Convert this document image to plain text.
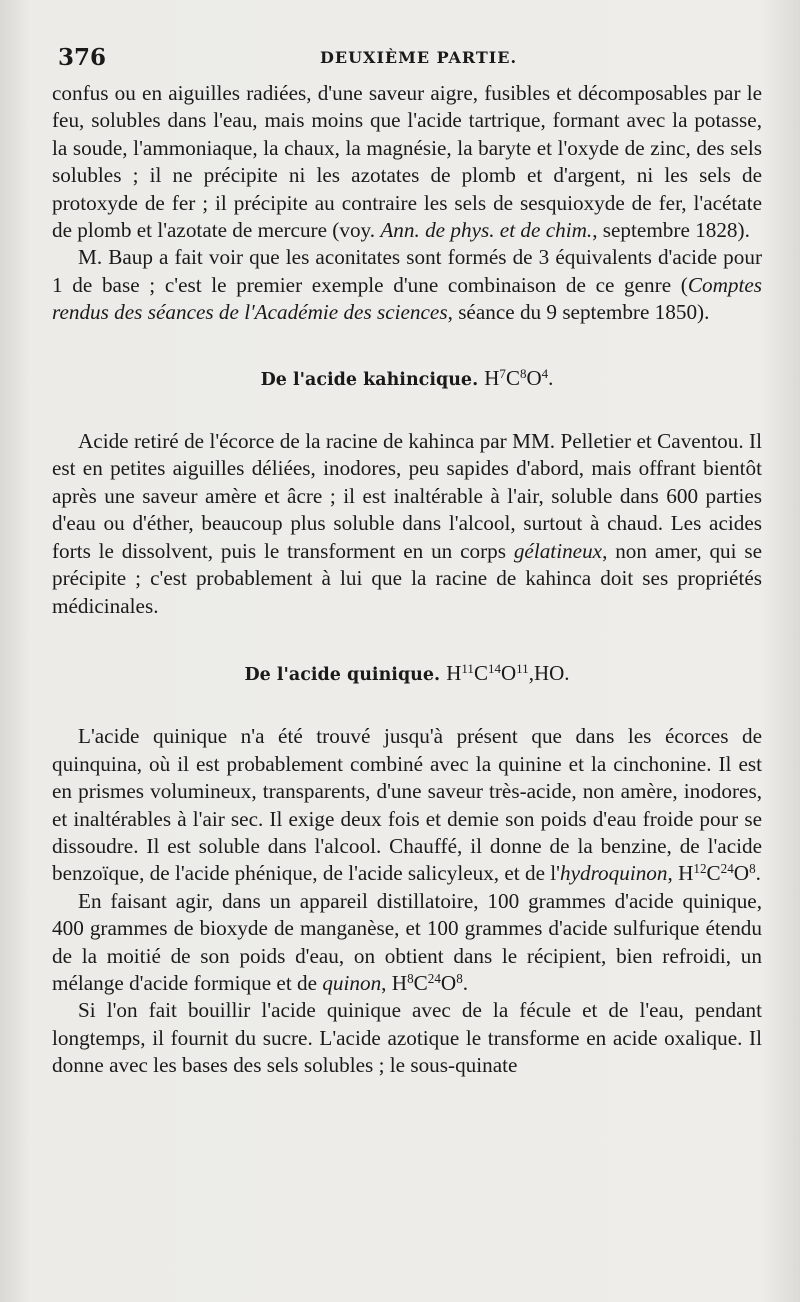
376	DEUXIÈME PARTIE.

confus ou en aiguilles radiées, d'une saveur aigre, fusibles et décomposables par le feu, solubles dans l'eau, mais moins que l'acide tartrique, formant avec la potasse, la soude, l'ammoniaque, la chaux, la magnésie, la baryte et l'oxyde de zinc, des sels solubles ; il ne précipite ni les azotates de plomb et d'argent, ni les sels de protoxyde de fer ; il précipite au contraire les sels de sesquioxyde de fer, l'acétate de plomb et l'azotate de mercure (voy. Ann. de phys. et de chim., septembre 1828).

M. Baup a fait voir que les aconitates sont formés de 3 équivalents d'acide pour 1 de base ; c'est le premier exemple d'une combinaison de ce genre (Comptes rendus des séances de l'Académie des sciences, séance du 9 septembre 1850).

De l'acide kahincique. $H^7C^8O^4$.

Acide retiré de l'écorce de la racine de kahinca par MM. Pelletier et Caventou. Il est en petites aiguilles déliées, inodores, peu sapides d'abord, mais offrant bientôt après une saveur amère et âcre ; il est inaltérable à l'air, soluble dans 600 parties d'eau ou d'éther, beaucoup plus soluble dans l'alcool, surtout à chaud. Les acides forts le dissolvent, puis le transforment en un corps gélatineux, non amer, qui se précipite ; c'est probablement à lui que la racine de kahinca doit ses propriétés médicinales.

De l'acide quinique. $H^{11}C^{14}O^{11},HO$.

L'acide quinique n'a été trouvé jusqu'à présent que dans les écorces de quinquina, où il est probablement combiné avec la quinine et la cinchonine. Il est en prismes volumineux, transparents, d'une saveur très-acide, non amère, inodores, et inaltérables à l'air sec. Il exige deux fois et demie son poids d'eau froide pour se dissoudre. Il est soluble dans l'alcool. Chauffé, il donne de la benzine, de l'acide benzoïque, de l'acide phénique, de l'acide salicyleux, et de l'hydroquinon, $H^{12}C^{24}O^8$.

En faisant agir, dans un appareil distillatoire, 100 grammes d'acide quinique, 400 grammes de bioxyde de manganèse, et 100 grammes d'acide sulfurique étendu de la moitié de son poids d'eau, on obtient dans le récipient, bien refroidi, un mélange d'acide formique et de quinon, $H^8C^{24}O^8$.

Si l'on fait bouillir l'acide quinique avec de la fécule et de l'eau, pendant longtemps, il fournit du sucre. L'acide azotique le transforme en acide oxalique. Il donne avec les bases des sels solubles ; le sous-quinate
